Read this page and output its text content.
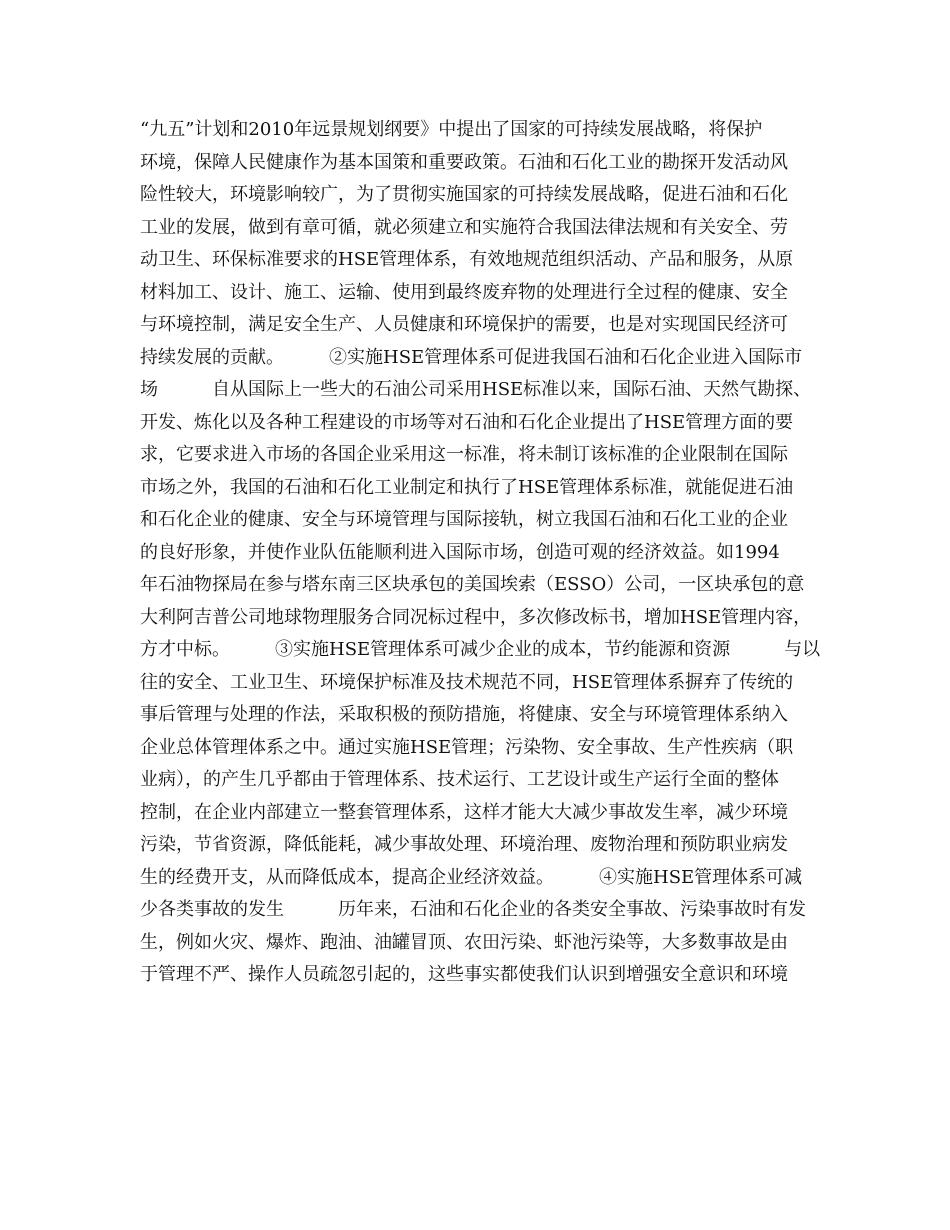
“九五”计划和2010年远景规划纲要》中提出了国家的可持续发展战略，将保护
环境，保障人民健康作为基本国策和重要政策。石油和石化工业的勘探开发活动风
险性较大，环境影响较广，为了贯彻实施国家的可持续发展战略，促进石油和石化
工业的发展，做到有章可循，就必须建立和实施符合我国法律法规和有关安全、劳
动卫生、环保标准要求的HSE管理体系，有效地规范组织活动、产品和服务，从原
材料加工、设计、施工、运输、使用到最终废弃物的处理进行全过程的健康、安全
与环境控制，满足安全生产、人员健康和环境保护的需要，也是对实现国民经济可
持续发展的贡献。　　　②实施HSE管理体系可促进我国石油和石化企业进入国际市
场　　　自从国际上一些大的石油公司采用HSE标准以来，国际石油、天然气勘探、
开发、炼化以及各种工程建设的市场等对石油和石化企业提出了HSE管理方面的要
求，它要求进入市场的各国企业采用这一标准，将未制订该标准的企业限制在国际
市场之外，我国的石油和石化工业制定和执行了HSE管理体系标准，就能促进石油
和石化企业的健康、安全与环境管理与国际接轨，树立我国石油和石化工业的企业
的良好形象，并使作业队伍能顺利进入国际市场，创造可观的经济效益。如1994
年石油物探局在参与塔东南三区块承包的美国埃索（ESSO）公司，一区块承包的意
大利阿吉普公司地球物理服务合同况标过程中，多次修改标书，增加HSE管理内容，
方才中标。　　　③实施HSE管理体系可减少企业的成本，节约能源和资源　　　与以
往的安全、工业卫生、环境保护标准及技术规范不同，HSE管理体系摒弃了传统的
事后管理与处理的作法，采取积极的预防措施，将健康、安全与环境管理体系纳入
企业总体管理体系之中。通过实施HSE管理；污染物、安全事故、生产性疾病（职
业病），的产生几乎都由于管理体系、技术运行、工艺设计或生产运行全面的整体
控制，在企业内部建立一整套管理体系，这样才能大大减少事故发生率，减少环境
污染，节省资源，降低能耗，减少事故处理、环境治理、废物治理和预防职业病发
生的经费开支，从而降低成本，提高企业经济效益。　　　④实施HSE管理体系可减
少各类事故的发生　　　历年来，石油和石化企业的各类安全事故、污染事故时有发
生，例如火灾、爆炸、跑油、油罐冒顶、农田污染、虾池污染等，大多数事故是由
于管理不严、操作人员疏忽引起的，这些事实都使我们认识到增强安全意识和环境
